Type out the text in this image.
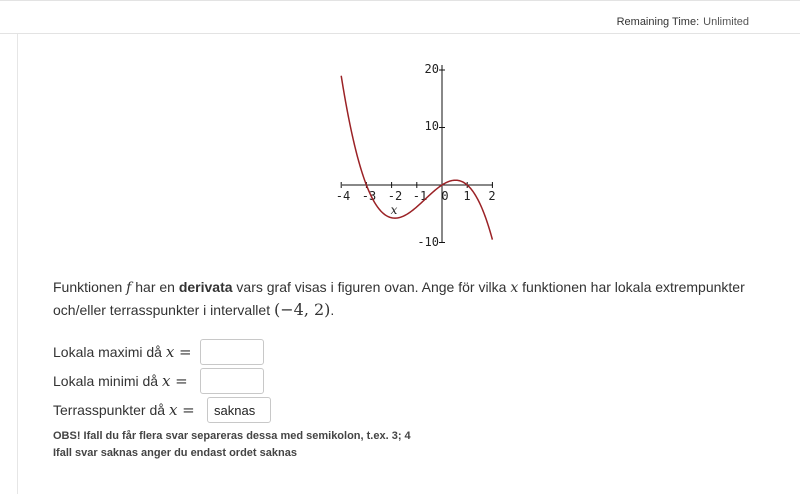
Remaining Time: Unlimited
-4 -3 -2 -1 0 1 2
20
10
-10
x
Funktionen f har en derivata vars graf visas i figuren ovan. Ange för vilka x funktionen har lokala extrempunkter och/eller terrasspunkter i intervallet (−4, 2).
Lokala maximi då x =
Lokala minimi då x =
Terrasspunkter då x =
saknas
OBS! Ifall du får flera svar separeras dessa med semikolon, t.ex. 3; 4
Ifall svar saknas anger du endast ordet saknas
